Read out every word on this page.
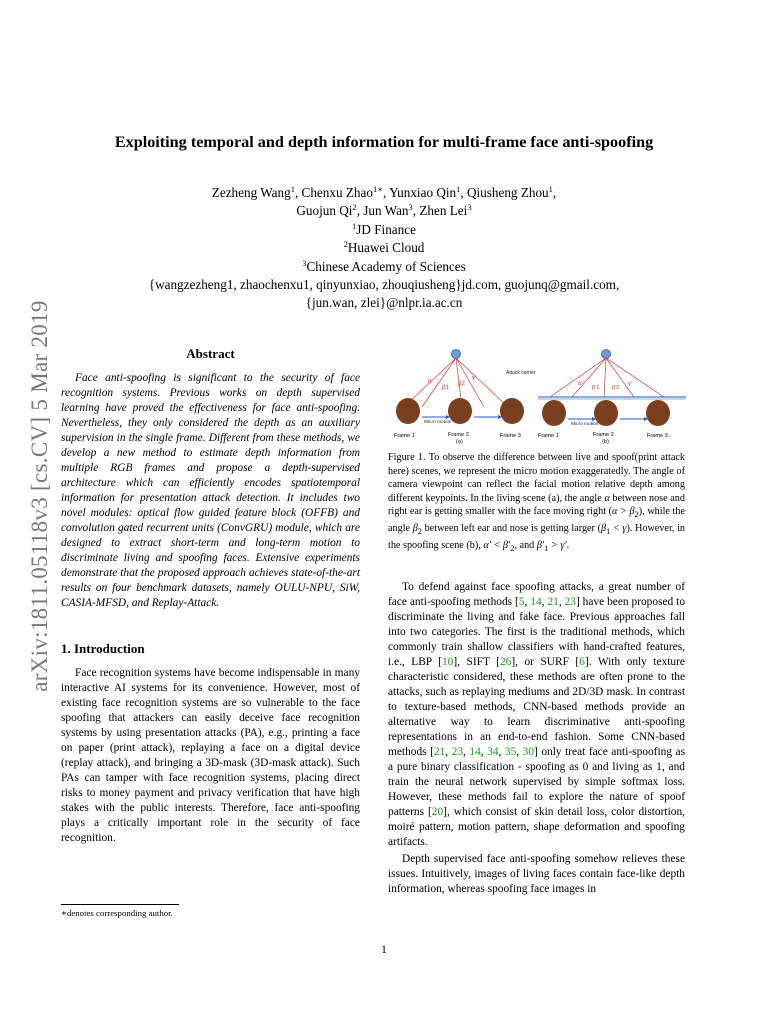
arXiv:1811.05118v3 [cs.CV] 5 Mar 2019
Exploiting temporal and depth information for multi-frame face anti-spoofing
Zezheng Wang$^1$, Chenxu Zhao$^{1∗}$, Yunxiao Qin$^1$, Qiusheng Zhou$^1$,
Guojun Qi$^2$, Jun Wan$^3$, Zhen Lei$^3$
$^1$JD Finance
$^2$Huawei Cloud
$^3$Chinese Academy of Sciences
{wangzezheng1, zhaochenxu1, qinyunxiao, zhouqiusheng}jd.com, guojunq@gmail.com,
{jun.wan, zlei}@nlpr.ia.ac.cn
Abstract

Face anti-spoofing is significant to the security of face recognition systems. Previous works on depth supervised learning have proved the effectiveness for face anti-spoofing. Nevertheless, they only considered the depth as an auxiliary supervision in the single frame. Different from these methods, we develop a new method to estimate depth information from multiple RGB frames and propose a depth-supervised architecture which can efficiently encodes spatiotemporal information for presentation attack detection. It includes two novel modules: optical flow guided feature block (OFFB) and convolution gated recurrent units (ConvGRU) module, which are designed to extract short-term and long-term motion to discriminate living and spoofing faces. Extensive experiments demonstrate that the proposed approach achieves state-of-the-art results on four benchmark datasets, namely OULU-NPU, SiW, CASIA-MFSD, and Replay-Attack.

1. Introduction

Face recognition systems have become indispensable in many interactive AI systems for its convenience. However, most of existing face recognition systems are so vulnerable to the face spoofing that attackers can easily deceive face recognition systems by using presentation attacks (PA), e.g., printing a face on paper (print attack), replaying a face on a digital device (replay attack), and bringing a 3D-mask (3D-mask attack). Such PAs can tamper with face recognition systems, placing direct risks to money payment and privacy verification that have high stakes with the public interests. Therefore, face anti-spoofing plays a critically important role in the security of face recognition.

∗denotes corresponding author.
α
β1
β2
γ
Micro motion
Attack carrier
Frame 1	Frame 2
(a)
Frame 3
α′
β′1 β′2
γ′
Micro motion
Frame 1	Frame 2
(b)
Frame 3
Figure 1. To observe the difference between live and spoof(print attack here) scenes, we represent the micro motion exaggeratedly. The angle of camera viewpoint can reflect the facial motion relative depth among different keypoints. In the living scene (a), the angle α between nose and right ear is getting smaller with the face moving right $(\alpha > \beta_2)$, while the angle $\beta_2$ between left ear and nose is getting larger $(\beta_1 < \gamma)$. However, in the spoofing scene (b), $\alpha' < \beta'_2$, and $\beta'_1 > \gamma'$.

To defend against face spoofing attacks, a great number of face anti-spoofing methods [5, 14, 21, 23] have been proposed to discriminate the living and fake face. Previous approaches fall into two categories. The first is the traditional methods, which commonly train shallow classifiers with hand-crafted features, i.e., LBP [10], SIFT [26], or SURF [6]. With only texture characteristic considered, these methods are often prone to the attacks, such as replaying mediums and 2D/3D mask. In contrast to texture-based methods, CNN-based methods provide an alternative way to learn discriminative anti-spoofing representations in an end-to-end fashion. Some CNN-based methods [21, 23, 14, 34, 35, 30] only treat face anti-spoofing as a pure binary classification - spoofing as 0 and living as 1, and train the neural network supervised by simple softmax loss. However, these methods fail to explore the nature of spoof patterns [20], which consist of skin detail loss, color distortion, moiré pattern, motion pattern, shape deformation and spoofing artifacts.

Depth supervised face anti-spoofing somehow relieves these issues. Intuitively, images of living faces contain face-like depth information, whereas spoofing face images in

1
